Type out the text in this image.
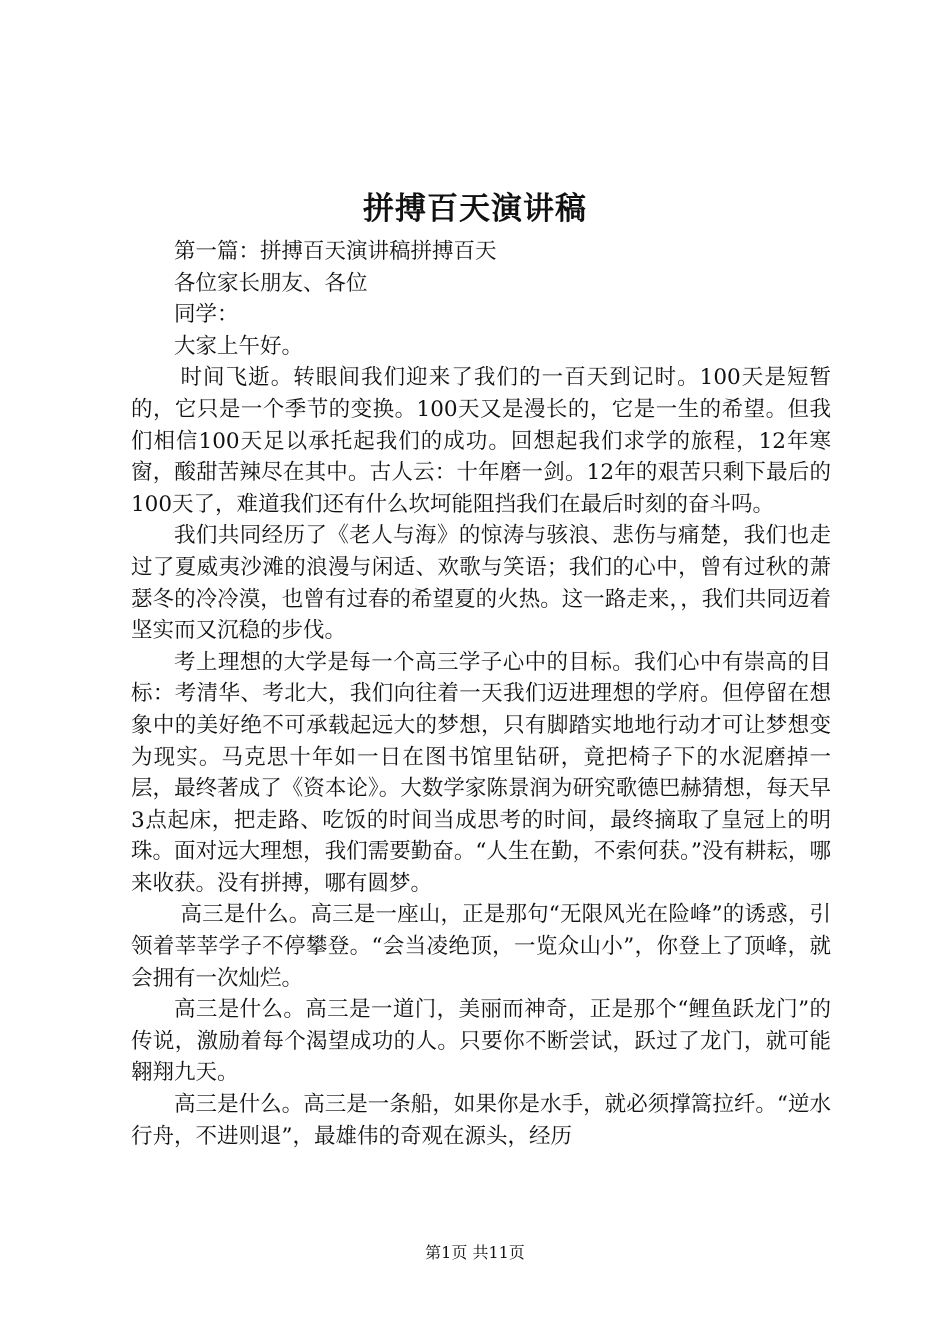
拼搏百天演讲稿

第一篇：拼搏百天演讲稿拼搏百天

各位家长朋友、各位

同学：

大家上午好。

时间飞逝。转眼间我们迎来了我们的一百天到记时。100天是短暂的，它只是一个季节的变换。100天又是漫长的，它是一生的希望。但我们相信100天足以承托起我们的成功。回想起我们求学的旅程，12年寒窗，酸甜苦辣尽在其中。古人云：十年磨一剑。12年的艰苦只剩下最后的100天了，难道我们还有什么坎坷能阻挡我们在最后时刻的奋斗吗。

我们共同经历了《老人与海》的惊涛与骇浪、悲伤与痛楚，我们也走过了夏威夷沙滩的浪漫与闲适、欢歌与笑语；我们的心中，曾有过秋的萧瑟冬的冷冷漠，也曾有过春的希望夏的火热。这一路走来，，我们共同迈着坚实而又沉稳的步伐。

考上理想的大学是每一个高三学子心中的目标。我们心中有崇高的目标：考清华、考北大，我们向往着一天我们迈进理想的学府。但停留在想象中的美好绝不可承载起远大的梦想，只有脚踏实地地行动才可让梦想变为现实。马克思十年如一日在图书馆里钻研，竟把椅子下的水泥磨掉一层，最终著成了《资本论》。大数学家陈景润为研究歌德巴赫猜想，每天早3点起床，把走路、吃饭的时间当成思考的时间，最终摘取了皇冠上的明珠。面对远大理想，我们需要勤奋。“人生在勤，不索何获。”没有耕耘，哪来收获。没有拼搏，哪有圆梦。

高三是什么。高三是一座山，正是那句“无限风光在险峰”的诱惑，引领着莘莘学子不停攀登。“会当凌绝顶，一览众山小”，你登上了顶峰，就会拥有一次灿烂。

高三是什么。高三是一道门，美丽而神奇，正是那个“鲤鱼跃龙门”的传说，激励着每个渴望成功的人。只要你不断尝试，跃过了龙门，就可能翱翔九天。

高三是什么。高三是一条船，如果你是水手，就必须撑篙拉纤。“逆水行舟，不进则退”，最雄伟的奇观在源头，经历

第1页 共11页
